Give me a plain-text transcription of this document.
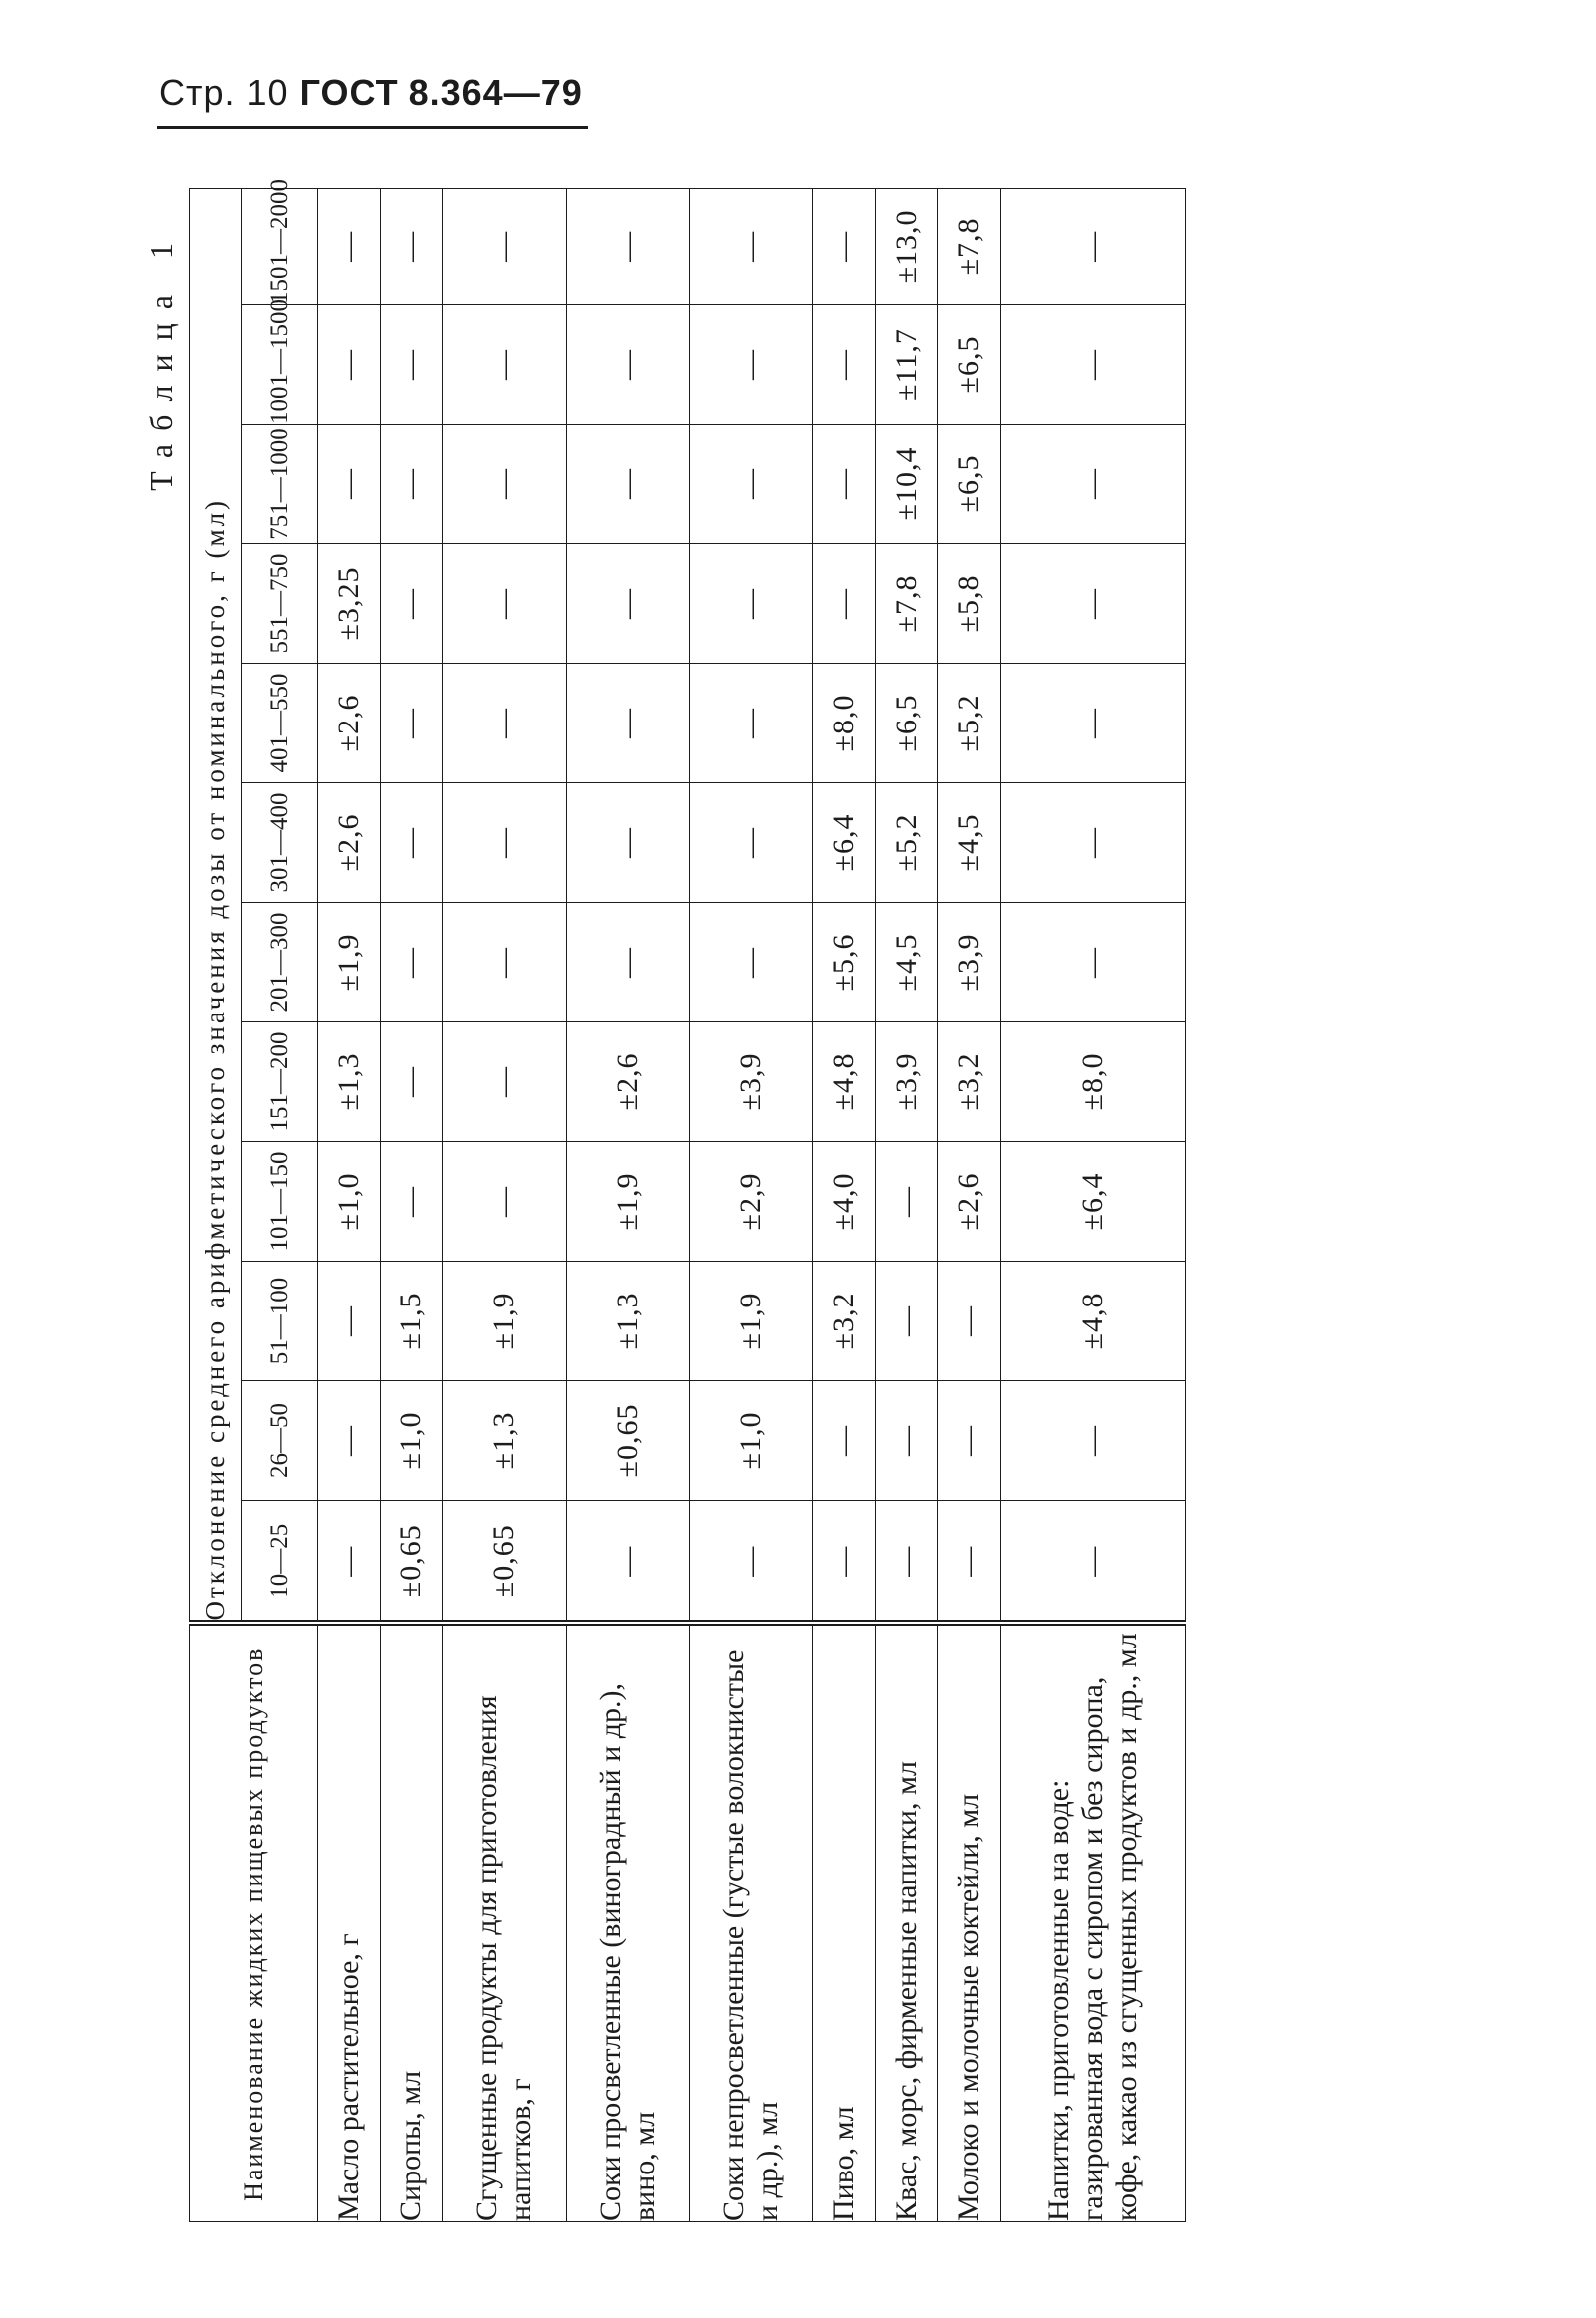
Стр. 10 ГОСТ 8.364—79
Таблица 1
Наименование жидких пищевых продуктов	Отклонение среднего арифметического значения дозы от номинального, г (мл)											
	10—25	26—50	51—100	101—150	151—200	201—300	301—400	401—550	551—750	751—1000	1001—1500	1501—2000
Масло растительное, г	—	—	—	±1,0	±1,3	±1,9	±2,6	±2,6	±3,25	—	—	—
Сиропы, мл	±0,65	±1,0	±1,5	—	—	—	—	—	—	—	—	—
Сгущенные продукты для приготовления напитков, г	±0,65	±1,3	±1,9	—	—	—	—	—	—	—	—	—
Соки просветленные (виноградный и др.), вино, мл	—	±0,65	±1,3	±1,9	±2,6	—	—	—	—	—	—	—
Соки непросветленные (густые волокнистые и др.), мл	—	±1,0	±1,9	±2,9	±3,9	—	—	—	—	—	—	—
Пиво, мл	—	—	±3,2	±4,0	±4,8	±5,6	±6,4	±8,0	—	—	—	—
Квас, морс, фирменные напитки, мл	—	—	—	—	±3,9	±4,5	±5,2	±6,5	±7,8	±10,4	±11,7	±13,0
Молоко и молочные коктейли, мл	—	—	—	±2,6	±3,2	±3,9	±4,5	±5,2	±5,8	±6,5	±6,5	±7,8
Напитки, приготовленные на воде: газированная вода с сиропом и без сиропа, кофе, какао из сгущенных продуктов и др., мл	—	—	±4,8	±6,4	±8,0	—	—	—	—	—	—	—
